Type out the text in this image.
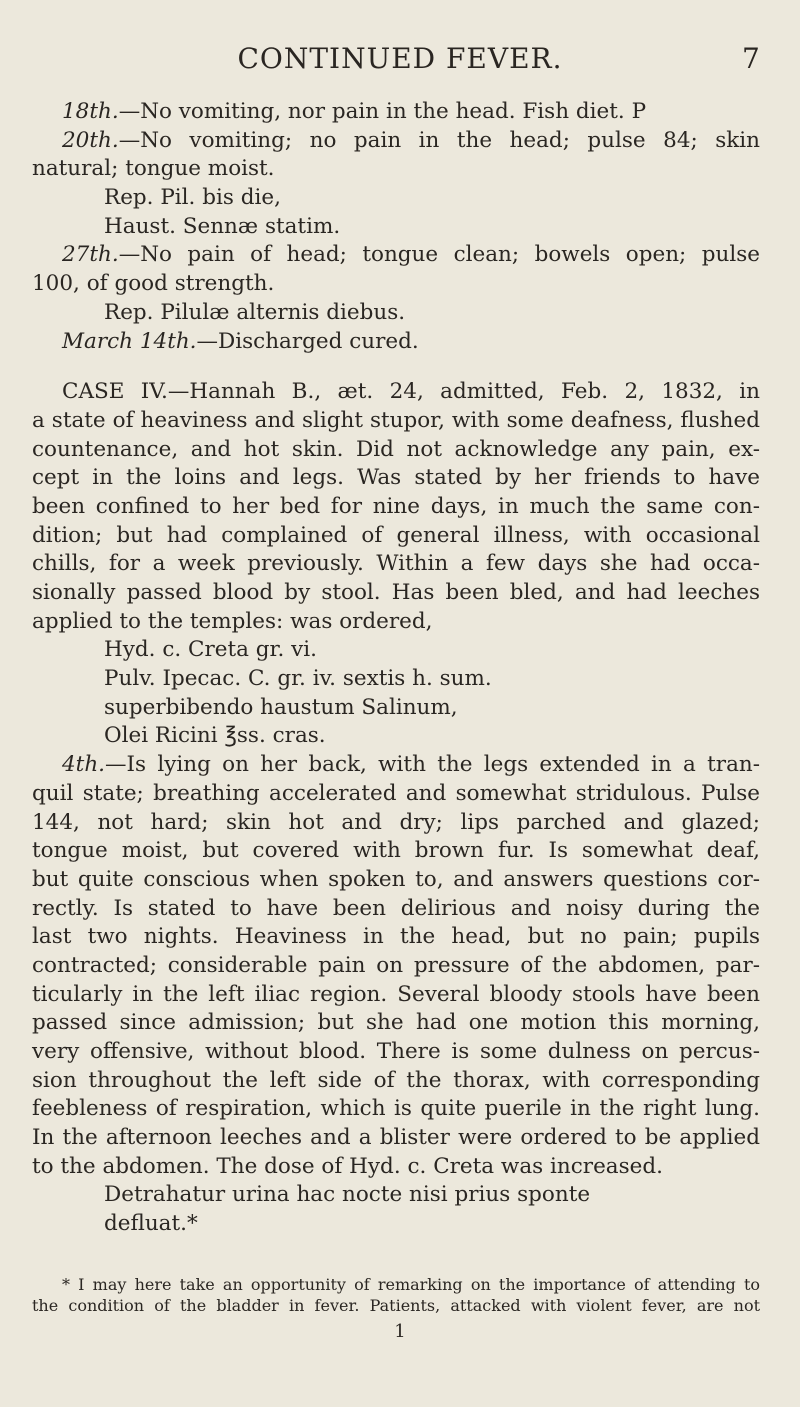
CONTINUED FEVER.	7
18th.—No vomiting, nor pain in the head. Fish diet. P
20th.—No vomiting; no pain in the head; pulse 84; skin
natural; tongue moist.
Rep. Pil. bis die,
Haust. Sennæ statim.
27th.—No pain of head; tongue clean; bowels open; pulse
100, of good strength.
Rep. Pilulæ alternis diebus.
March 14th.—Discharged cured.
CASE IV.—Hannah B., æt. 24, admitted, Feb. 2, 1832, in
a state of heaviness and slight stupor, with some deafness, flushed
countenance, and hot skin. Did not acknowledge any pain, ex-
cept in the loins and legs. Was stated by her friends to have
been confined to her bed for nine days, in much the same con-
dition; but had complained of general illness, with occasional
chills, for a week previously. Within a few days she had occa-
sionally passed blood by stool. Has been bled, and had leeches
applied to the temples: was ordered,
Hyd. c. Creta gr. vi.
Pulv. Ipecac. C. gr. iv. sextis h. sum.
superbibendo haustum Salinum,
Olei Ricini ℥ss. cras.
4th.—Is lying on her back, with the legs extended in a tran-
quil state; breathing accelerated and somewhat stridulous. Pulse
144, not hard; skin hot and dry; lips parched and glazed;
tongue moist, but covered with brown fur. Is somewhat deaf,
but quite conscious when spoken to, and answers questions cor-
rectly. Is stated to have been delirious and noisy during the
last two nights. Heaviness in the head, but no pain; pupils
contracted; considerable pain on pressure of the abdomen, par-
ticularly in the left iliac region. Several bloody stools have been
passed since admission; but she had one motion this morning,
very offensive, without blood. There is some dulness on percus-
sion throughout the left side of the thorax, with corresponding
feebleness of respiration, which is quite puerile in the right lung.
In the afternoon leeches and a blister were ordered to be applied
to the abdomen. The dose of Hyd. c. Creta was increased.
Detrahatur urina hac nocte nisi prius sponte
defluat.*
* I may here take an opportunity of remarking on the importance of attending to
the condition of the bladder in fever. Patients, attacked with violent fever, are not
1
